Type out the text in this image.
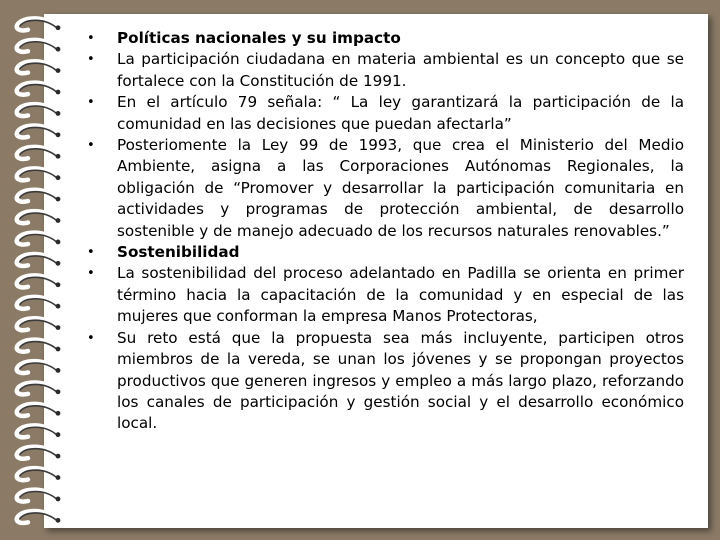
• Políticas nacionales y su impacto
• La participación ciudadana en materia ambiental es un concepto que se fortalece con la Constitución de 1991.
• En el artículo 79 señala: “ La ley garantizará la participación de la comunidad en las decisiones que puedan afectarla”
• Posteriomente la Ley 99 de 1993, que crea el Ministerio del Medio Ambiente, asigna a las Corporaciones Autónomas Regionales, la obligación de “Promover y desarrollar la participación comunitaria en actividades y programas de protección ambiental, de desarrollo sostenible y de manejo adecuado de los recursos naturales renovables.”
• Sostenibilidad
• La sostenibilidad del proceso adelantado en Padilla se orienta en primer término hacia la capacitación de la comunidad y en especial de las mujeres que conforman la empresa Manos Protectoras,
• Su reto está que la propuesta sea más incluyente, participen otros miembros de la vereda, se unan los jóvenes y se propongan proyectos productivos que generen ingresos y empleo a más largo plazo, reforzando los canales de participación y gestión social y el desarrollo económico local.
